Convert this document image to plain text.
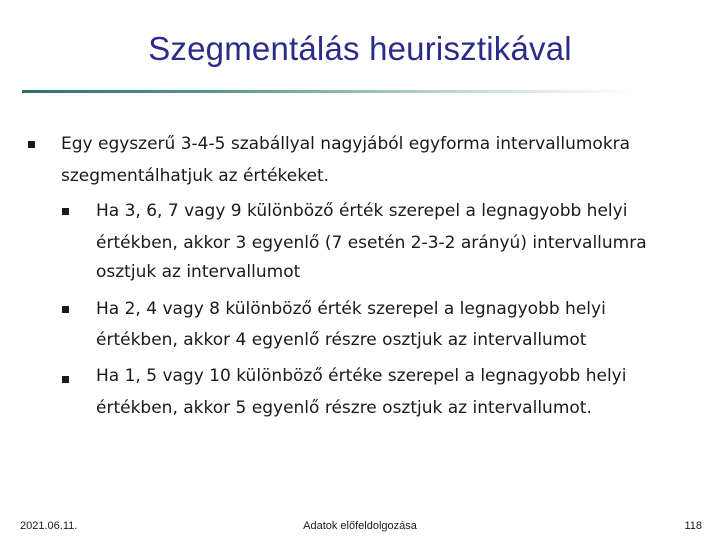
Szegmentálás heurisztikával
Egy egyszerű 3-4-5 szabállyal nagyjából egyforma intervallumokra
szegmentálhatjuk az értékeket.
Ha 3, 6, 7 vagy 9 különböző érték szerepel a legnagyobb helyi
értékben, akkor 3 egyenlő (7 esetén 2-3-2 arányú) intervallumra
osztjuk az intervallumot
Ha 2, 4 vagy 8 különböző érték szerepel a legnagyobb helyi
értékben, akkor 4 egyenlő részre osztjuk az intervallumot
Ha 1, 5 vagy 10 különböző értéke szerepel a legnagyobb helyi
értékben, akkor 5 egyenlő részre osztjuk az intervallumot.
2021.06.11.	Adatok előfeldolgozása	118
